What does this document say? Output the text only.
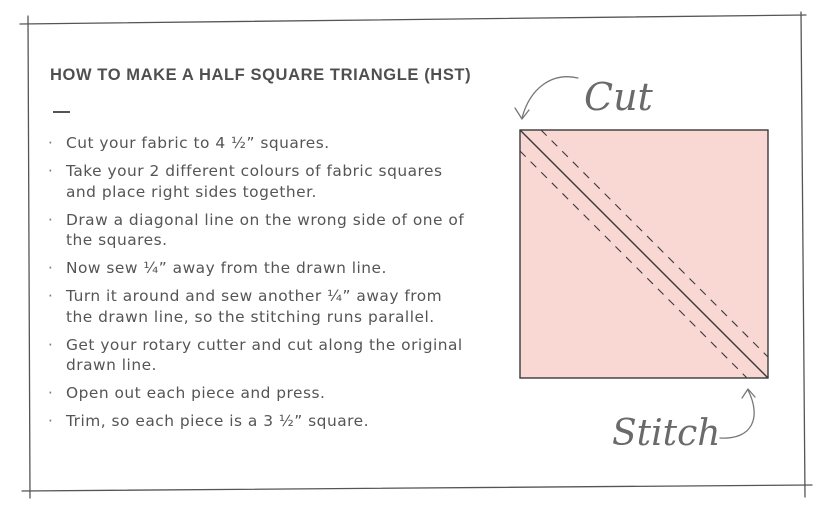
HOW TO MAKE A HALF SQUARE TRIANGLE (HST)
· Cut your fabric to 4 ½” squares.
· Take your 2 different colours of fabric squares and place right sides together.
· Draw a diagonal line on the wrong side of one of the squares.
· Now sew ¼” away from the drawn line.
· Turn it around and sew another ¼” away from the drawn line, so the stitching runs parallel.
· Get your rotary cutter and cut along the original drawn line.
· Open out each piece and press.
· Trim, so each piece is a 3 ½” square.
Cut
Stitch
